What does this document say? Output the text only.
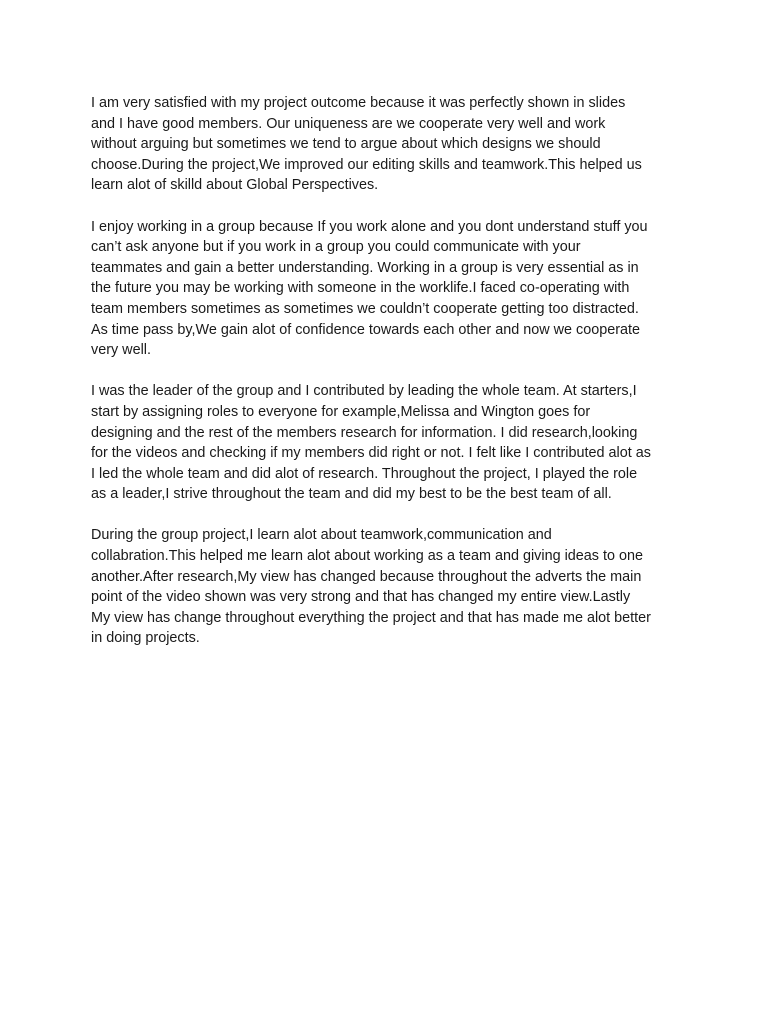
I am very satisfied with my project outcome because it was perfectly shown in slides
and I have good members. Our uniqueness are we cooperate very well and work
without arguing but sometimes we tend to argue about which designs we should
choose.During the project,We improved our editing skills and teamwork.This helped us
learn alot of skilld about Global Perspectives.

I enjoy working in a group because If you work alone and you dont understand stuff you
can’t ask anyone but if you work in a group you could communicate with your
teammates and gain a better understanding. Working in a group is very essential as in
the future you may be working with someone in the worklife.I faced co-operating with
team members sometimes as sometimes we couldn’t cooperate getting too distracted.
As time pass by,We gain alot of confidence towards each other and now we cooperate
very well.

I was the leader of the group and I contributed by leading the whole team. At starters,I
start by assigning roles to everyone for example,Melissa and Wington goes for
designing and the rest of the members research for information. I did research,looking
for the videos and checking if my members did right or not. I felt like I contributed alot as
I led the whole team and did alot of research. Throughout the project, I played the role
as a leader,I strive throughout the team and did my best to be the best team of all.

During the group project,I learn alot about teamwork,communication and
collabration.This helped me learn alot about working as a team and giving ideas to one
another.After research,My view has changed because throughout the adverts the main
point of the video shown was very strong and that has changed my entire view.Lastly
My view has change throughout everything the project and that has made me alot better
in doing projects.
